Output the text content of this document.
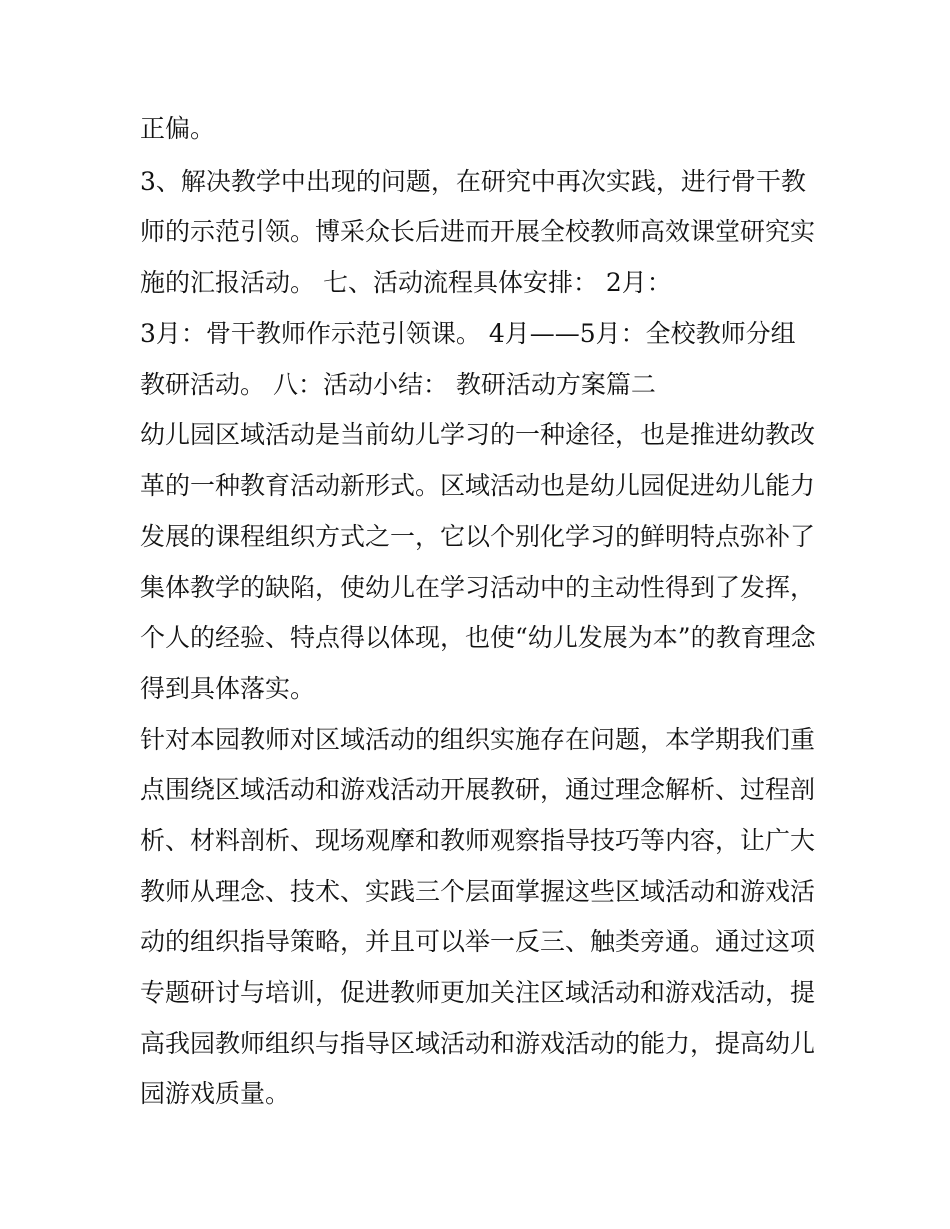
正偏。
3、解决教学中出现的问题，在研究中再次实践，进行骨干教
师的示范引领。博采众长后进而开展全校教师高效课堂研究实
施的汇报活动。 七、活动流程具体安排： 2月：
3月：骨干教师作示范引领课。 4月——5月：全校教师分组
教研活动。 八：活动小结： 教研活动方案篇二
幼儿园区域活动是当前幼儿学习的一种途径，也是推进幼教改
革的一种教育活动新形式。区域活动也是幼儿园促进幼儿能力
发展的课程组织方式之一，它以个别化学习的鲜明特点弥补了
集体教学的缺陷，使幼儿在学习活动中的主动性得到了发挥，
个人的经验、特点得以体现，也使“幼儿发展为本”的教育理念
得到具体落实。
针对本园教师对区域活动的组织实施存在问题，本学期我们重
点围绕区域活动和游戏活动开展教研，通过理念解析、过程剖
析、材料剖析、现场观摩和教师观察指导技巧等内容，让广大
教师从理念、技术、实践三个层面掌握这些区域活动和游戏活
动的组织指导策略，并且可以举一反三、触类旁通。通过这项
专题研讨与培训，促进教师更加关注区域活动和游戏活动，提
高我园教师组织与指导区域活动和游戏活动的能力，提高幼儿
园游戏质量。
